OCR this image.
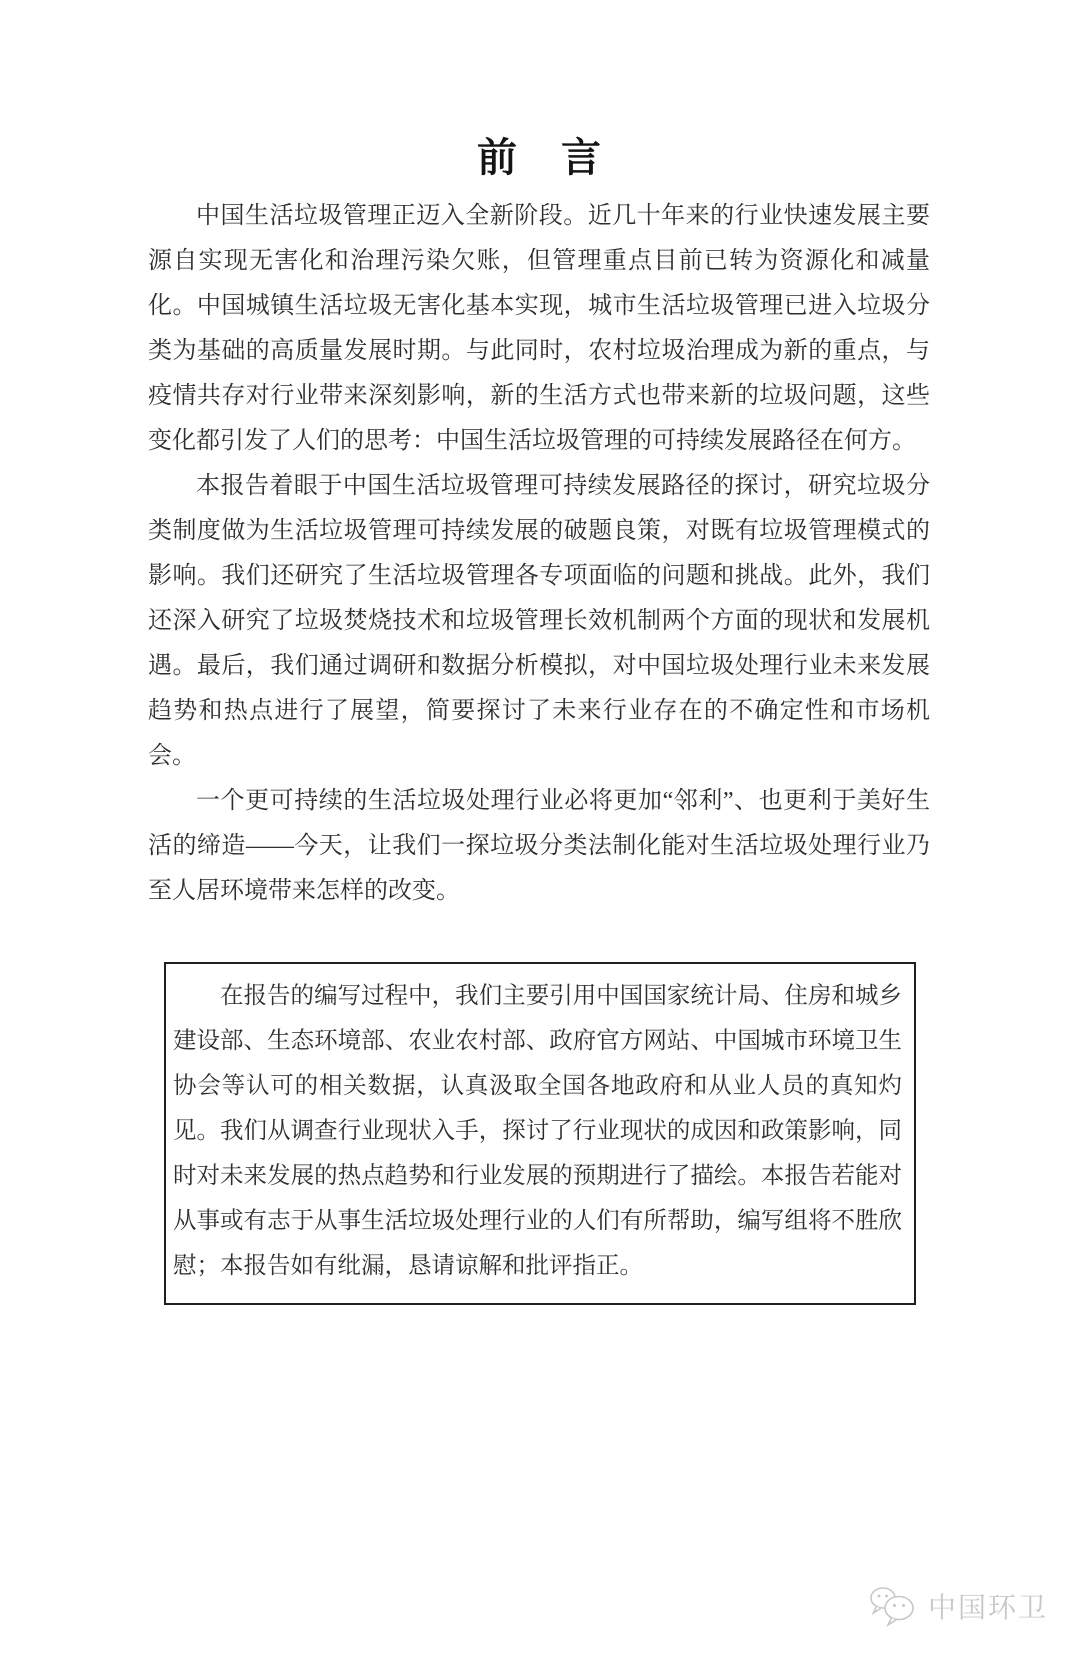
前　言

中国生活垃圾管理正迈入全新阶段。近几十年来的行业快速发展主要源自实现无害化和治理污染欠账，但管理重点目前已转为资源化和减量化。中国城镇生活垃圾无害化基本实现，城市生活垃圾管理已进入垃圾分类为基础的高质量发展时期。与此同时，农村垃圾治理成为新的重点，与疫情共存对行业带来深刻影响，新的生活方式也带来新的垃圾问题，这些变化都引发了人们的思考：中国生活垃圾管理的可持续发展路径在何方。

本报告着眼于中国生活垃圾管理可持续发展路径的探讨，研究垃圾分类制度做为生活垃圾管理可持续发展的破题良策，对既有垃圾管理模式的影响。我们还研究了生活垃圾管理各专项面临的问题和挑战。此外，我们还深入研究了垃圾焚烧技术和垃圾管理长效机制两个方面的现状和发展机遇。最后，我们通过调研和数据分析模拟，对中国垃圾处理行业未来发展趋势和热点进行了展望，简要探讨了未来行业存在的不确定性和市场机会。

一个更可持续的生活垃圾处理行业必将更加“邻利”、也更利于美好生活的缔造——今天，让我们一探垃圾分类法制化能对生活垃圾处理行业乃至人居环境带来怎样的改变。

在报告的编写过程中，我们主要引用中国国家统计局、住房和城乡建设部、生态环境部、农业农村部、政府官方网站、中国城市环境卫生协会等认可的相关数据，认真汲取全国各地政府和从业人员的真知灼见。我们从调查行业现状入手，探讨了行业现状的成因和政策影响，同时对未来发展的热点趋势和行业发展的预期进行了描绘。本报告若能对从事或有志于从事生活垃圾处理行业的人们有所帮助，编写组将不胜欣慰；本报告如有纰漏，恳请谅解和批评指正。

中国环卫
